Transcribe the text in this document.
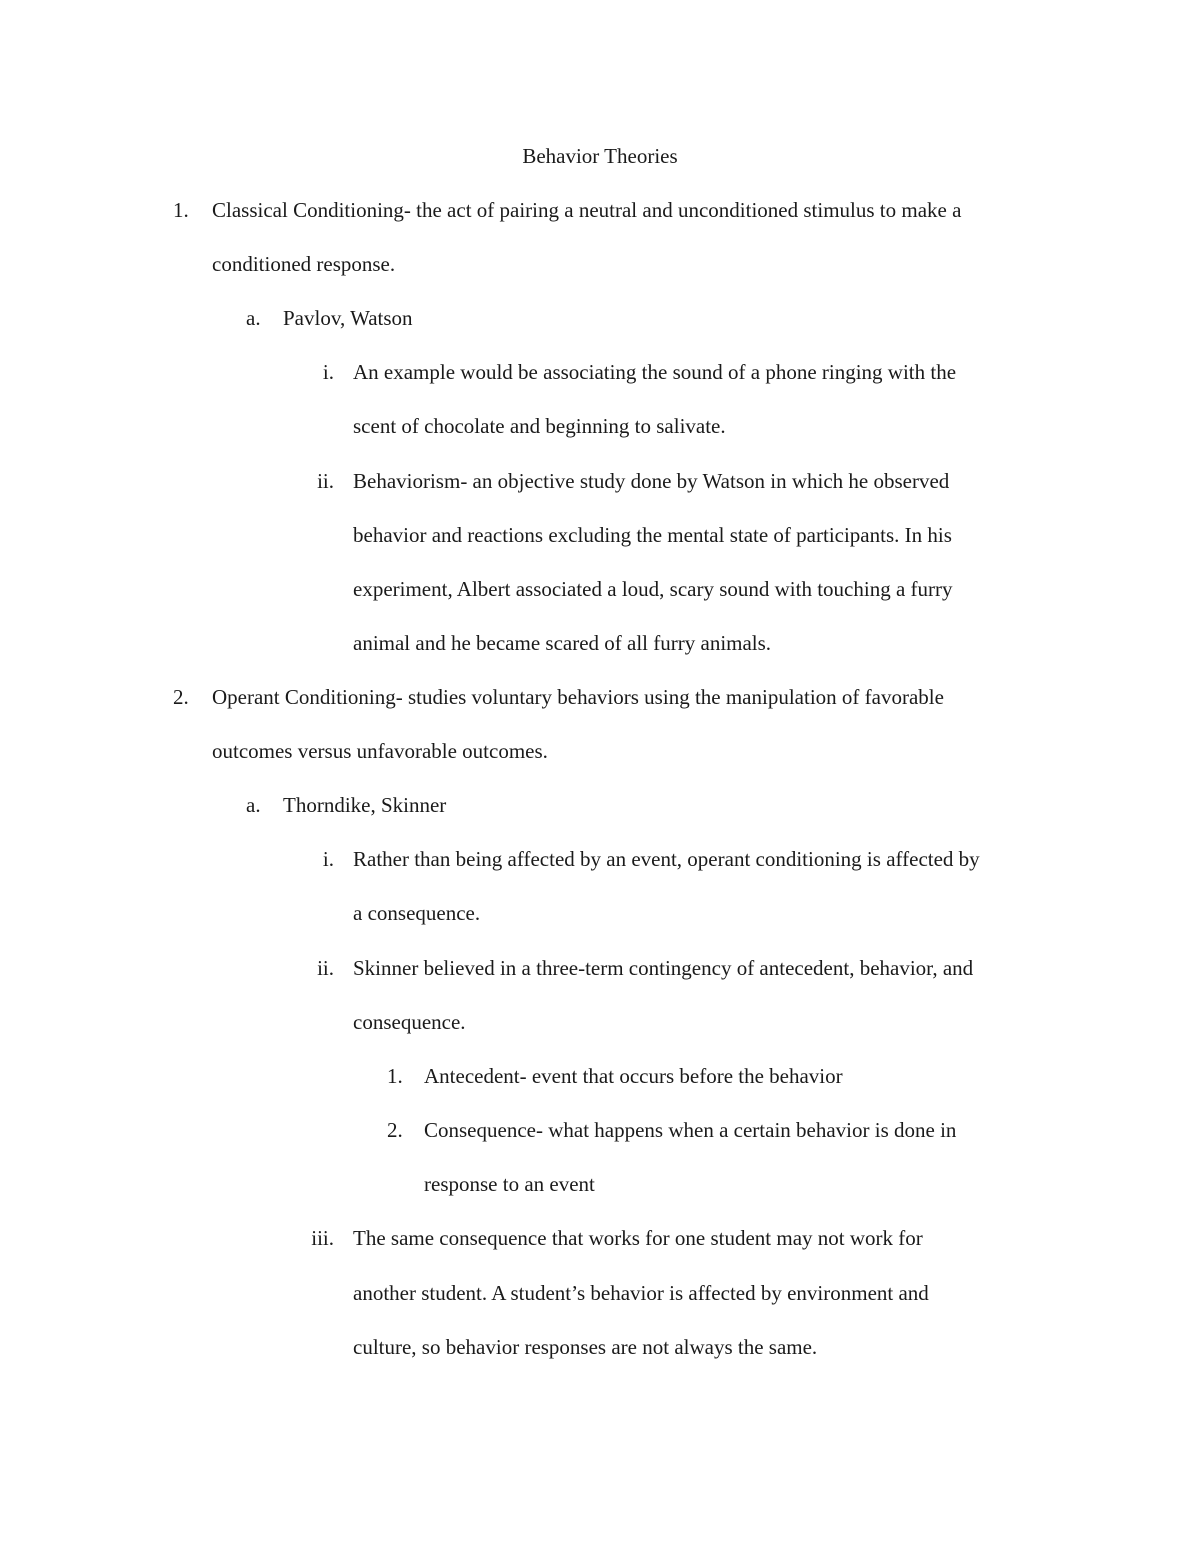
Behavior Theories
1. Classical Conditioning- the act of pairing a neutral and unconditioned stimulus to make a
conditioned response.
a. Pavlov, Watson
i. An example would be associating the sound of a phone ringing with the
scent of chocolate and beginning to salivate.
ii. Behaviorism- an objective study done by Watson in which he observed
behavior and reactions excluding the mental state of participants. In his
experiment, Albert associated a loud, scary sound with touching a furry
animal and he became scared of all furry animals.
2. Operant Conditioning- studies voluntary behaviors using the manipulation of favorable
outcomes versus unfavorable outcomes.
a. Thorndike, Skinner
i. Rather than being affected by an event, operant conditioning is affected by
a consequence.
ii. Skinner believed in a three-term contingency of antecedent, behavior, and
consequence.
1. Antecedent- event that occurs before the behavior
2. Consequence- what happens when a certain behavior is done in
response to an event
iii. The same consequence that works for one student may not work for
another student. A student’s behavior is affected by environment and
culture, so behavior responses are not always the same.
